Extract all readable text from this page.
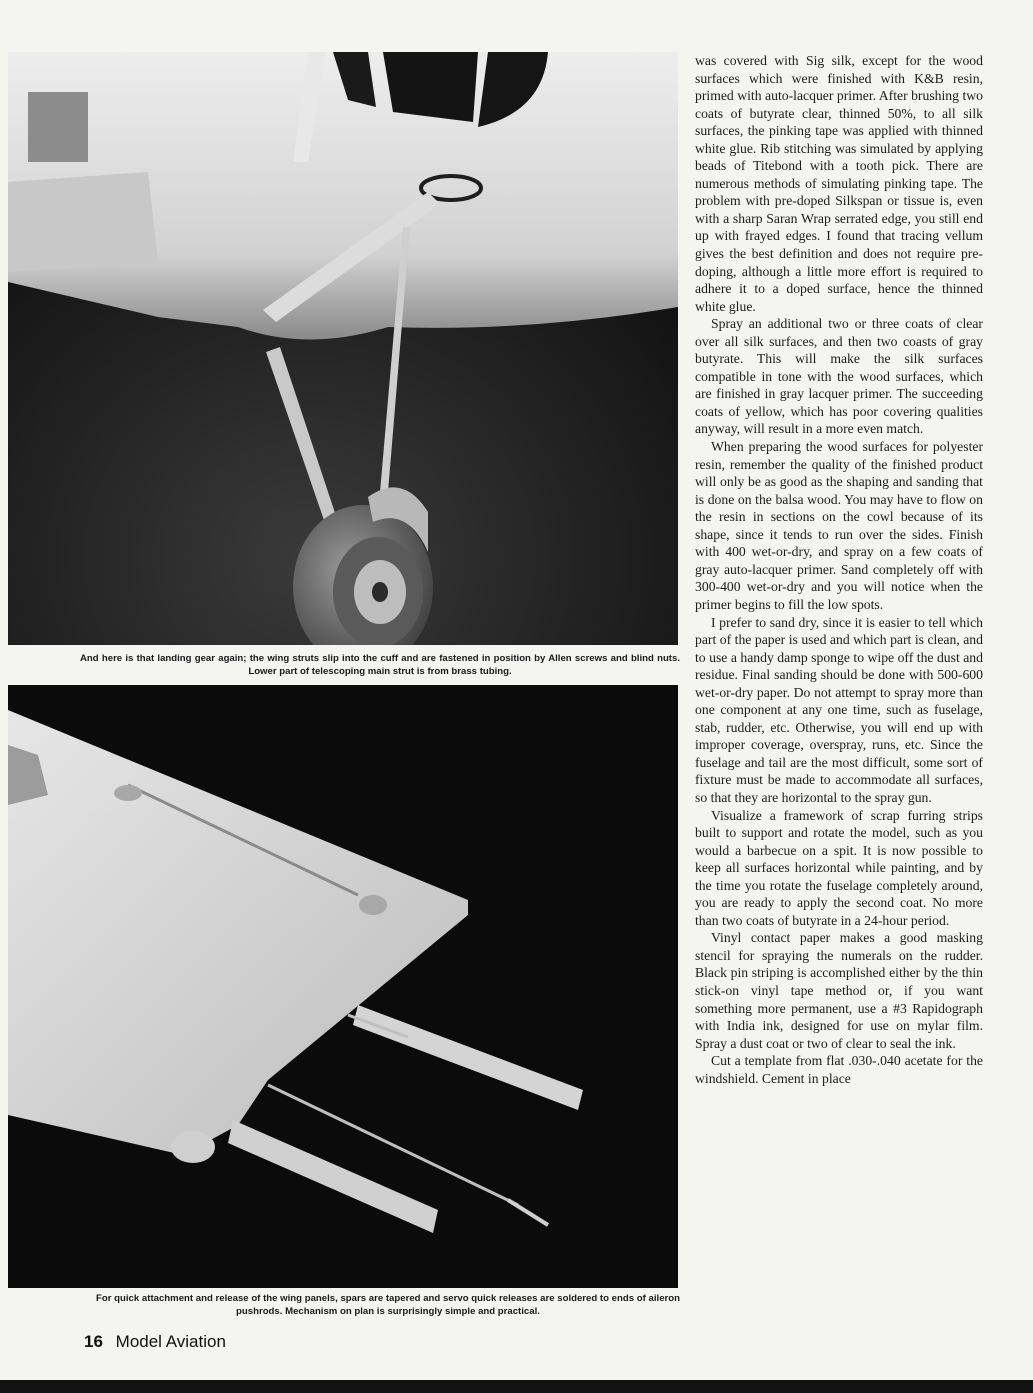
And here is that landing gear again; the wing struts slip into the cuff and are fastened in position by Allen screws and blind nuts. Lower part of telescoping main strut is from brass tubing.
For quick attachment and release of the wing panels, spars are tapered and servo quick releases are soldered to ends of aileron pushrods. Mechanism on plan is surprisingly simple and practical.

was covered with Sig silk, except for the wood surfaces which were finished with K&B resin, primed with auto-lacquer primer. After brushing two coats of butyrate clear, thinned 50%, to all silk surfaces, the pinking tape was applied with thinned white glue. Rib stitching was simulated by applying beads of Titebond with a tooth pick. There are numerous methods of simulating pinking tape. The problem with pre-doped Silkspan or tissue is, even with a sharp Saran Wrap serrated edge, you still end up with frayed edges. I found that tracing vellum gives the best definition and does not require pre-doping, although a little more effort is required to adhere it to a doped surface, hence the thinned white glue.

Spray an additional two or three coats of clear over all silk surfaces, and then two coasts of gray butyrate. This will make the silk surfaces compatible in tone with the wood surfaces, which are finished in gray lacquer primer. The succeeding coats of yellow, which has poor covering qualities anyway, will result in a more even match.

When preparing the wood surfaces for polyester resin, remember the quality of the finished product will only be as good as the shaping and sanding that is done on the balsa wood. You may have to flow on the resin in sections on the cowl because of its shape, since it tends to run over the sides. Finish with 400 wet-or-dry, and spray on a few coats of gray auto-lacquer primer. Sand completely off with 300-400 wet-or-dry and you will notice when the primer begins to fill the low spots.

I prefer to sand dry, since it is easier to tell which part of the paper is used and which part is clean, and to use a handy damp sponge to wipe off the dust and residue. Final sanding should be done with 500-600 wet-or-dry paper. Do not attempt to spray more than one component at any one time, such as fuselage, stab, rudder, etc. Otherwise, you will end up with improper coverage, overspray, runs, etc. Since the fuselage and tail are the most difficult, some sort of fixture must be made to accommodate all surfaces, so that they are horizontal to the spray gun.

Visualize a framework of scrap furring strips built to support and rotate the model, such as you would a barbecue on a spit. It is now possible to keep all surfaces horizontal while painting, and by the time you rotate the fuselage completely around, you are ready to apply the second coat. No more than two coats of butyrate in a 24-hour period.

Vinyl contact paper makes a good masking stencil for spraying the numerals on the rudder. Black pin striping is accomplished either by the thin stick-on vinyl tape method or, if you want something more permanent, use a #3 Rapidograph with India ink, designed for use on mylar film. Spray a dust coat or two of clear to seal the ink.

Cut a template from flat .030-.040 acetate for the windshield. Cement in place

16 Model Aviation
